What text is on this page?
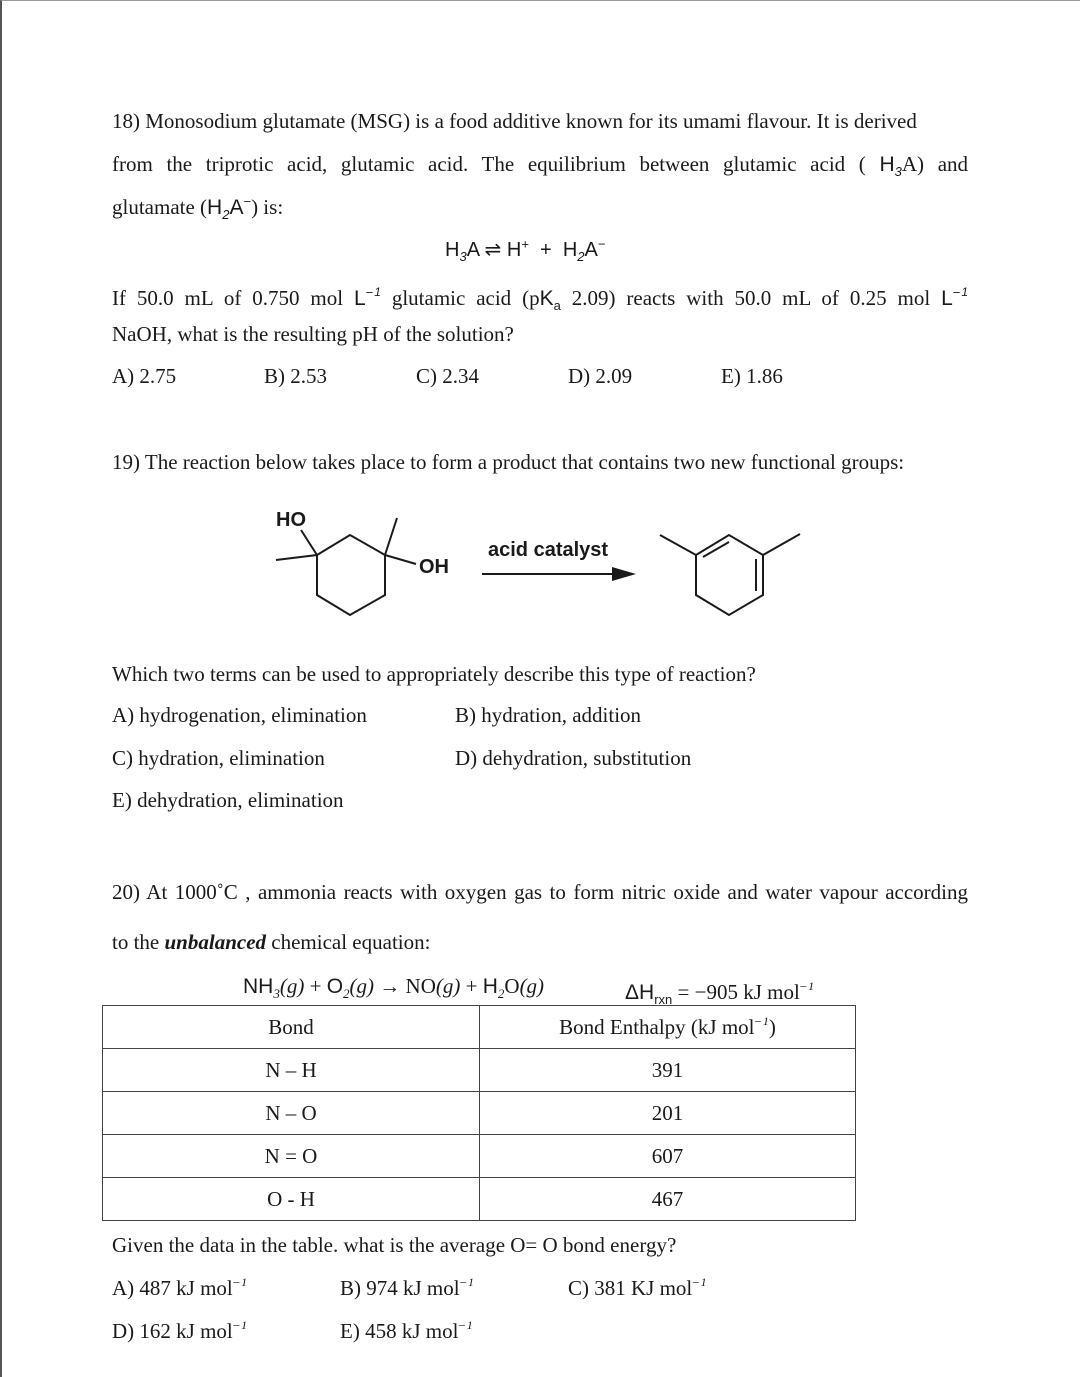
18) Monosodium glutamate (MSG) is a food additive known for its umami flavour. It is derived
from the triprotic acid, glutamic acid. The equilibrium between glutamic acid ( $H_3A$) and
glutamate $(H_2A^-)$ is:
$H_3A$ ⇌ $H^+ + H_2A^-$
If 50.0 mL of 0.750 mol $L^{-1}$ glutamic acid ($pK_a$ 2.09) reacts with 50.0 mL of 0.25 mol $L^{-1}$
NaOH, what is the resulting pH of the solution?
A) 2.75	B) 2.53	C) 2.34	D) 2.09	E) 1.86
19) The reaction below takes place to form a product that contains two new functional groups:
HO
OH
acid catalyst
Which two terms can be used to appropriately describe this type of reaction?
A) hydrogenation, elimination	B) hydration, addition
C) hydration, elimination	D) dehydration, substitution
E) dehydration, elimination
20) At 1000˚C , ammonia reacts with oxygen gas to form nitric oxide and water vapour according
to the unbalanced chemical equation:
$NH_3(g) + O_2(g) \to NO(g) + H_2O(g)$	$\Delta H_{rxn} = -905$ kJ mol$^{-1}$
Bond	Bond Enthalpy (kJ mol$^{-1}$)
N – H	391
N – O	201
N = O	607
O - H	467
Given the data in the table. what is the average O= O bond energy?
A) 487 kJ mol$^{-1}$	B) 974 kJ mol$^{-1}$	C) 381 KJ mol$^{-1}$
D) 162 kJ mol$^{-1}$	E) 458 kJ mol$^{-1}$
